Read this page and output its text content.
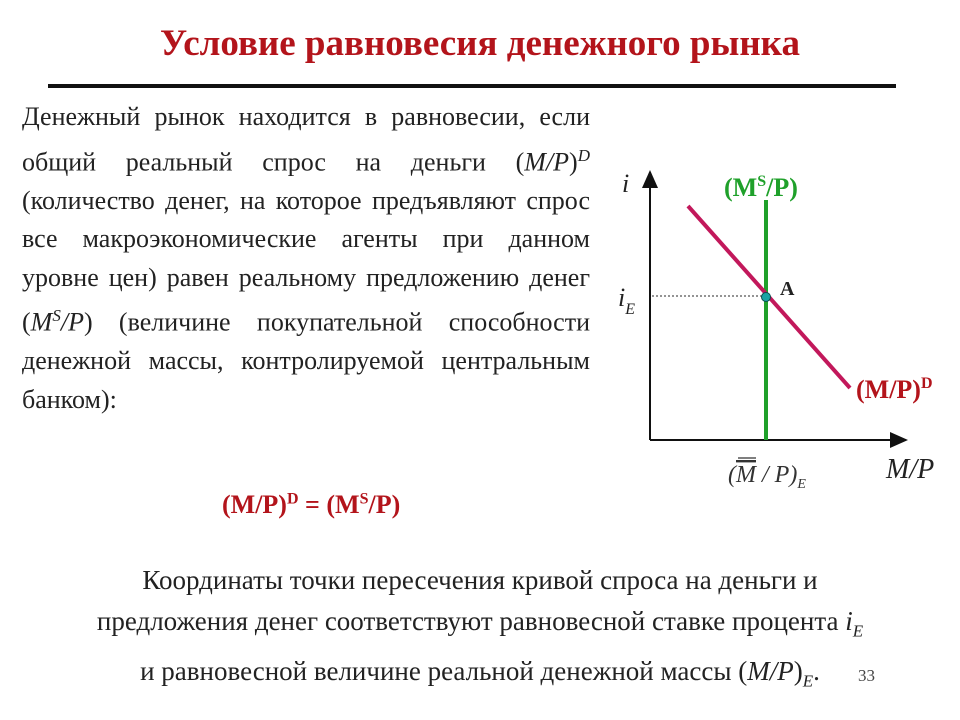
Условие равновесия денежного рынка
Денежный рынок находится в равновесии, если общий реальный спрос на деньги $(M/P)^D$ (количество денег, на которое предъявляют спрос все макроэкономические агенты при данном уровне цен) равен реальному предложению денег $(M^S/P)$ (величине покупательной способности денежной массы, контролируемой центральным банком):
$(M/P)^D = (M^S/P)$
i
$i_E$
A
$(M^S/P)$
$(M/P)^D$
M/P
$(M / P)_E$
Координаты точки пересечения кривой спроса на деньги и
предложения денег соответствуют равновесной ставке процента $i_E$
и равновесной величине реальной денежной массы $(M/P)_E$.	33
